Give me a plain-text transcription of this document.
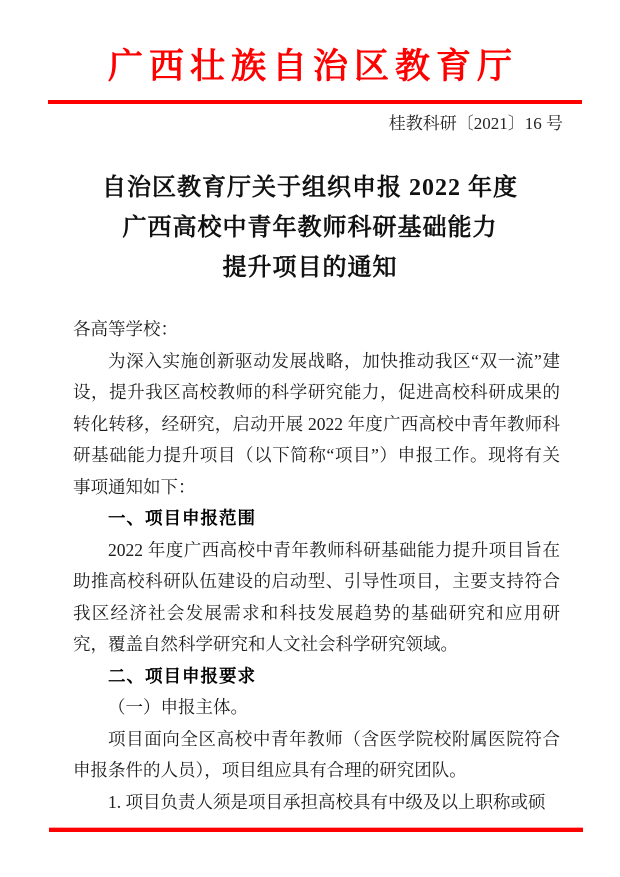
广西壮族自治区教育厅
桂教科研〔2021〕16 号
自治区教育厅关于组织申报 2022 年度
广西高校中青年教师科研基础能力
提升项目的通知

各高等学校：

为深入实施创新驱动发展战略，加快推动我区“双一流”建设，提升我区高校教师的科学研究能力，促进高校科研成果的转化转移，经研究，启动开展 2022 年度广西高校中青年教师科研基础能力提升项目（以下简称“项目”）申报工作。现将有关事项通知如下：

一、项目申报范围

2022 年度广西高校中青年教师科研基础能力提升项目旨在助推高校科研队伍建设的启动型、引导性项目，主要支持符合我区经济社会发展需求和科技发展趋势的基础研究和应用研究，覆盖自然科学研究和人文社会科学研究领域。

二、项目申报要求

（一）申报主体。

项目面向全区高校中青年教师（含医学院校附属医院符合申报条件的人员），项目组应具有合理的研究团队。

1. 项目负责人须是项目承担高校具有中级及以上职称或硕
